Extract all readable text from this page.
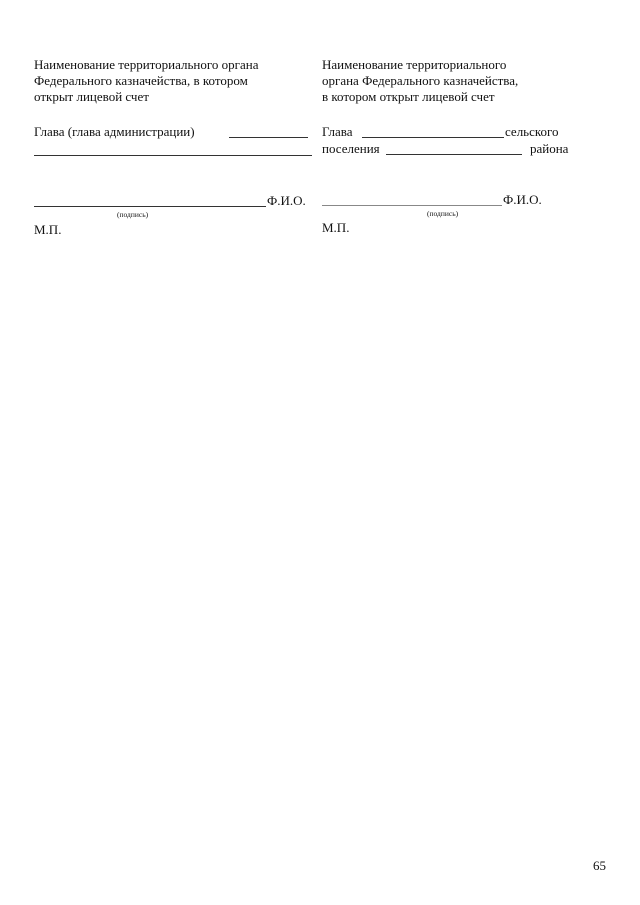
Наименование территориального органа

Федерального казначейства, в котором

открыт лицевой счет

Глава (глава администрации)

Ф.И.О.

(подпись)

М.П.

Наименование территориального

органа Федерального казначейства,

в котором открыт лицевой счет

Глава	сельского

поселения	района

Ф.И.О.

(подпись)

М.П.

65
